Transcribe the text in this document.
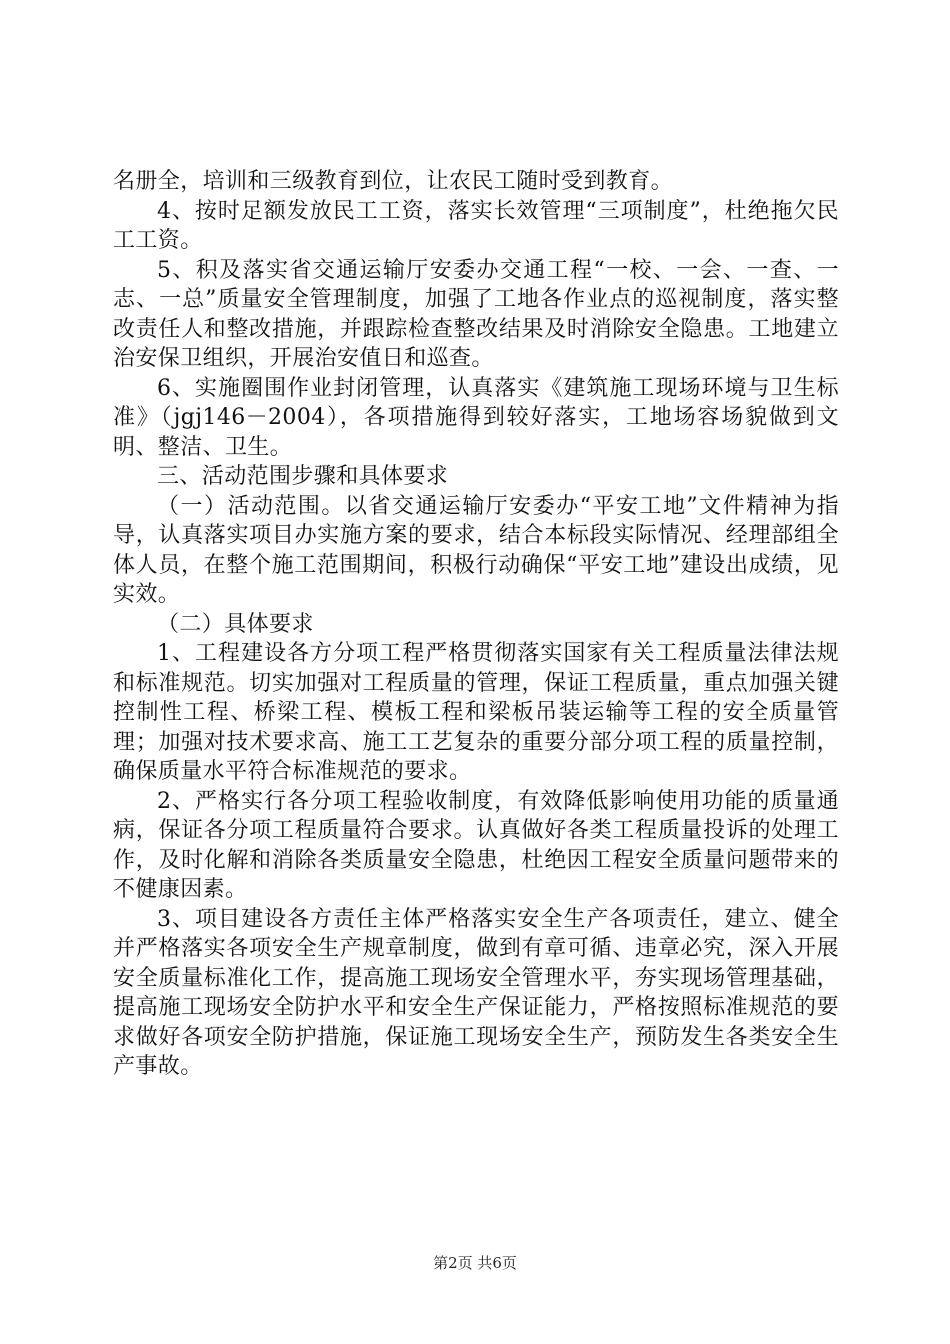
名册全，培训和三级教育到位，让农民工随时受到教育。

4、按时足额发放民工工资，落实长效管理“三项制度”，杜绝拖欠民工工资。

5、积及落实省交通运输厅安委办交通工程“一校、一会、一查、一志、一总”质量安全管理制度，加强了工地各作业点的巡视制度，落实整改责任人和整改措施，并跟踪检查整改结果及时消除安全隐患。工地建立治安保卫组织，开展治安值日和巡查。

6、实施圈围作业封闭管理，认真落实《建筑施工现场环境与卫生标准》（jgj146－2004），各项措施得到较好落实，工地场容场貌做到文明、整洁、卫生。

三、活动范围步骤和具体要求

（一）活动范围。以省交通运输厅安委办“平安工地”文件精神为指导，认真落实项目办实施方案的要求，结合本标段实际情况、经理部组全体人员，在整个施工范围期间，积极行动确保“平安工地”建设出成绩，见实效。

（二）具体要求

1、工程建设各方分项工程严格贯彻落实国家有关工程质量法律法规和标准规范。切实加强对工程质量的管理，保证工程质量，重点加强关键控制性工程、桥梁工程、模板工程和梁板吊装运输等工程的安全质量管理；加强对技术要求高、施工工艺复杂的重要分部分项工程的质量控制，确保质量水平符合标准规范的要求。

2、严格实行各分项工程验收制度，有效降低影响使用功能的质量通病，保证各分项工程质量符合要求。认真做好各类工程质量投诉的处理工作，及时化解和消除各类质量安全隐患，杜绝因工程安全质量问题带来的不健康因素。

3、项目建设各方责任主体严格落实安全生产各项责任，建立、健全并严格落实各项安全生产规章制度，做到有章可循、违章必究，深入开展安全质量标准化工作，提高施工现场安全管理水平，夯实现场管理基础，提高施工现场安全防护水平和安全生产保证能力，严格按照标准规范的要求做好各项安全防护措施，保证施工现场安全生产，预防发生各类安全生产事故。

第2页 共6页
